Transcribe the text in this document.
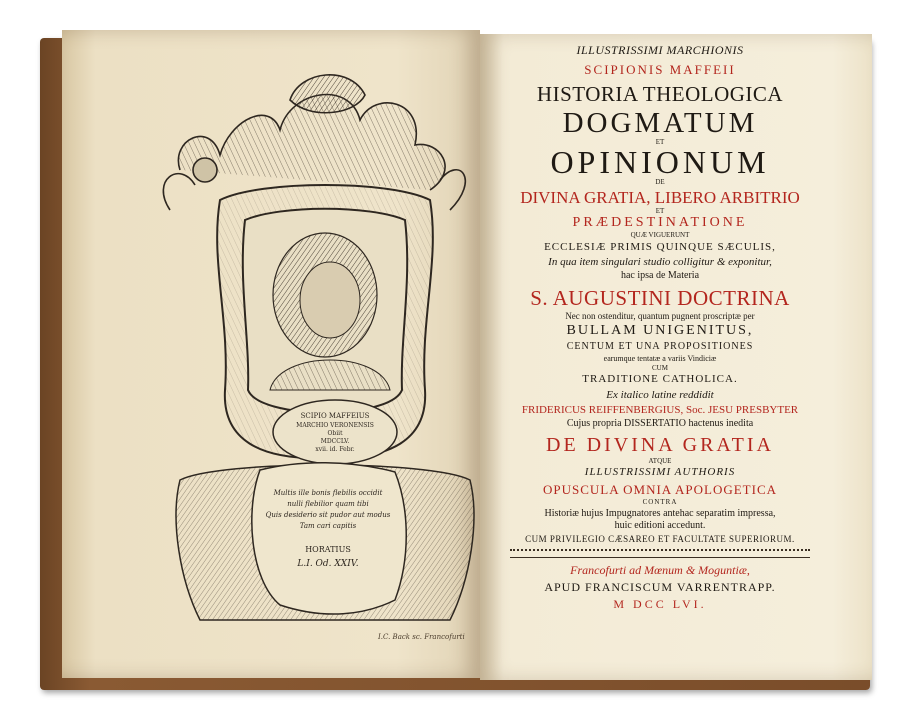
SCIPIO MAFFEIUS
MARCHIO VERONENSIS
Obiit
MDCCLV.
xvii. id. Febr.
Multis ille bonis flebilis occidit
nulli flebilior quam tibi
Quis desiderio sit pudor aut modus
Tam cari capitis
HORATIUS
L.I. Od. XXIV.
I.C. Back sc. Francofurti
ILLUSTRISSIMI MARCHIONIS
SCIPIONIS MAFFEII
HISTORIA THEOLOGICA
DOGMATUM
ET
OPINIONUM
DE
DIVINA GRATIA, LIBERO ARBITRIO
ET
PRÆDESTINATIONE
QUÆ VIGUERUNT
ECCLESIÆ PRIMIS QUINQUE SÆCULIS,
In qua item singulari studio colligitur & exponitur,
hac ipsa de Materia
S. AUGUSTINI DOCTRINA
Nec non ostenditur, quantum pugnent proscriptæ per
BULLAM UNIGENITUS,
CENTUM ET UNA PROPOSITIONES
earumque tentatæ a variis Vindiciæ
CUM
TRADITIONE CATHOLICA.
Ex italico latine reddidit
FRIDERICUS REIFFENBERGIUS, Soc. JESU PRESBYTER
Cujus propria DISSERTATIO hactenus inedita
DE DIVINA GRATIA
ATQUE
ILLUSTRISSIMI AUTHORIS
OPUSCULA OMNIA APOLOGETICA
CONTRA
Historiæ hujus Impugnatores antehac separatim impressa,
huic editioni accedunt.
CUM PRIVILEGIO CÆSAREO ET FACULTATE SUPERIORUM.
Francofurti ad Mœnum & Moguntiæ,
APUD FRANCISCUM VARRENTRAPP.
M DCC LVI.
